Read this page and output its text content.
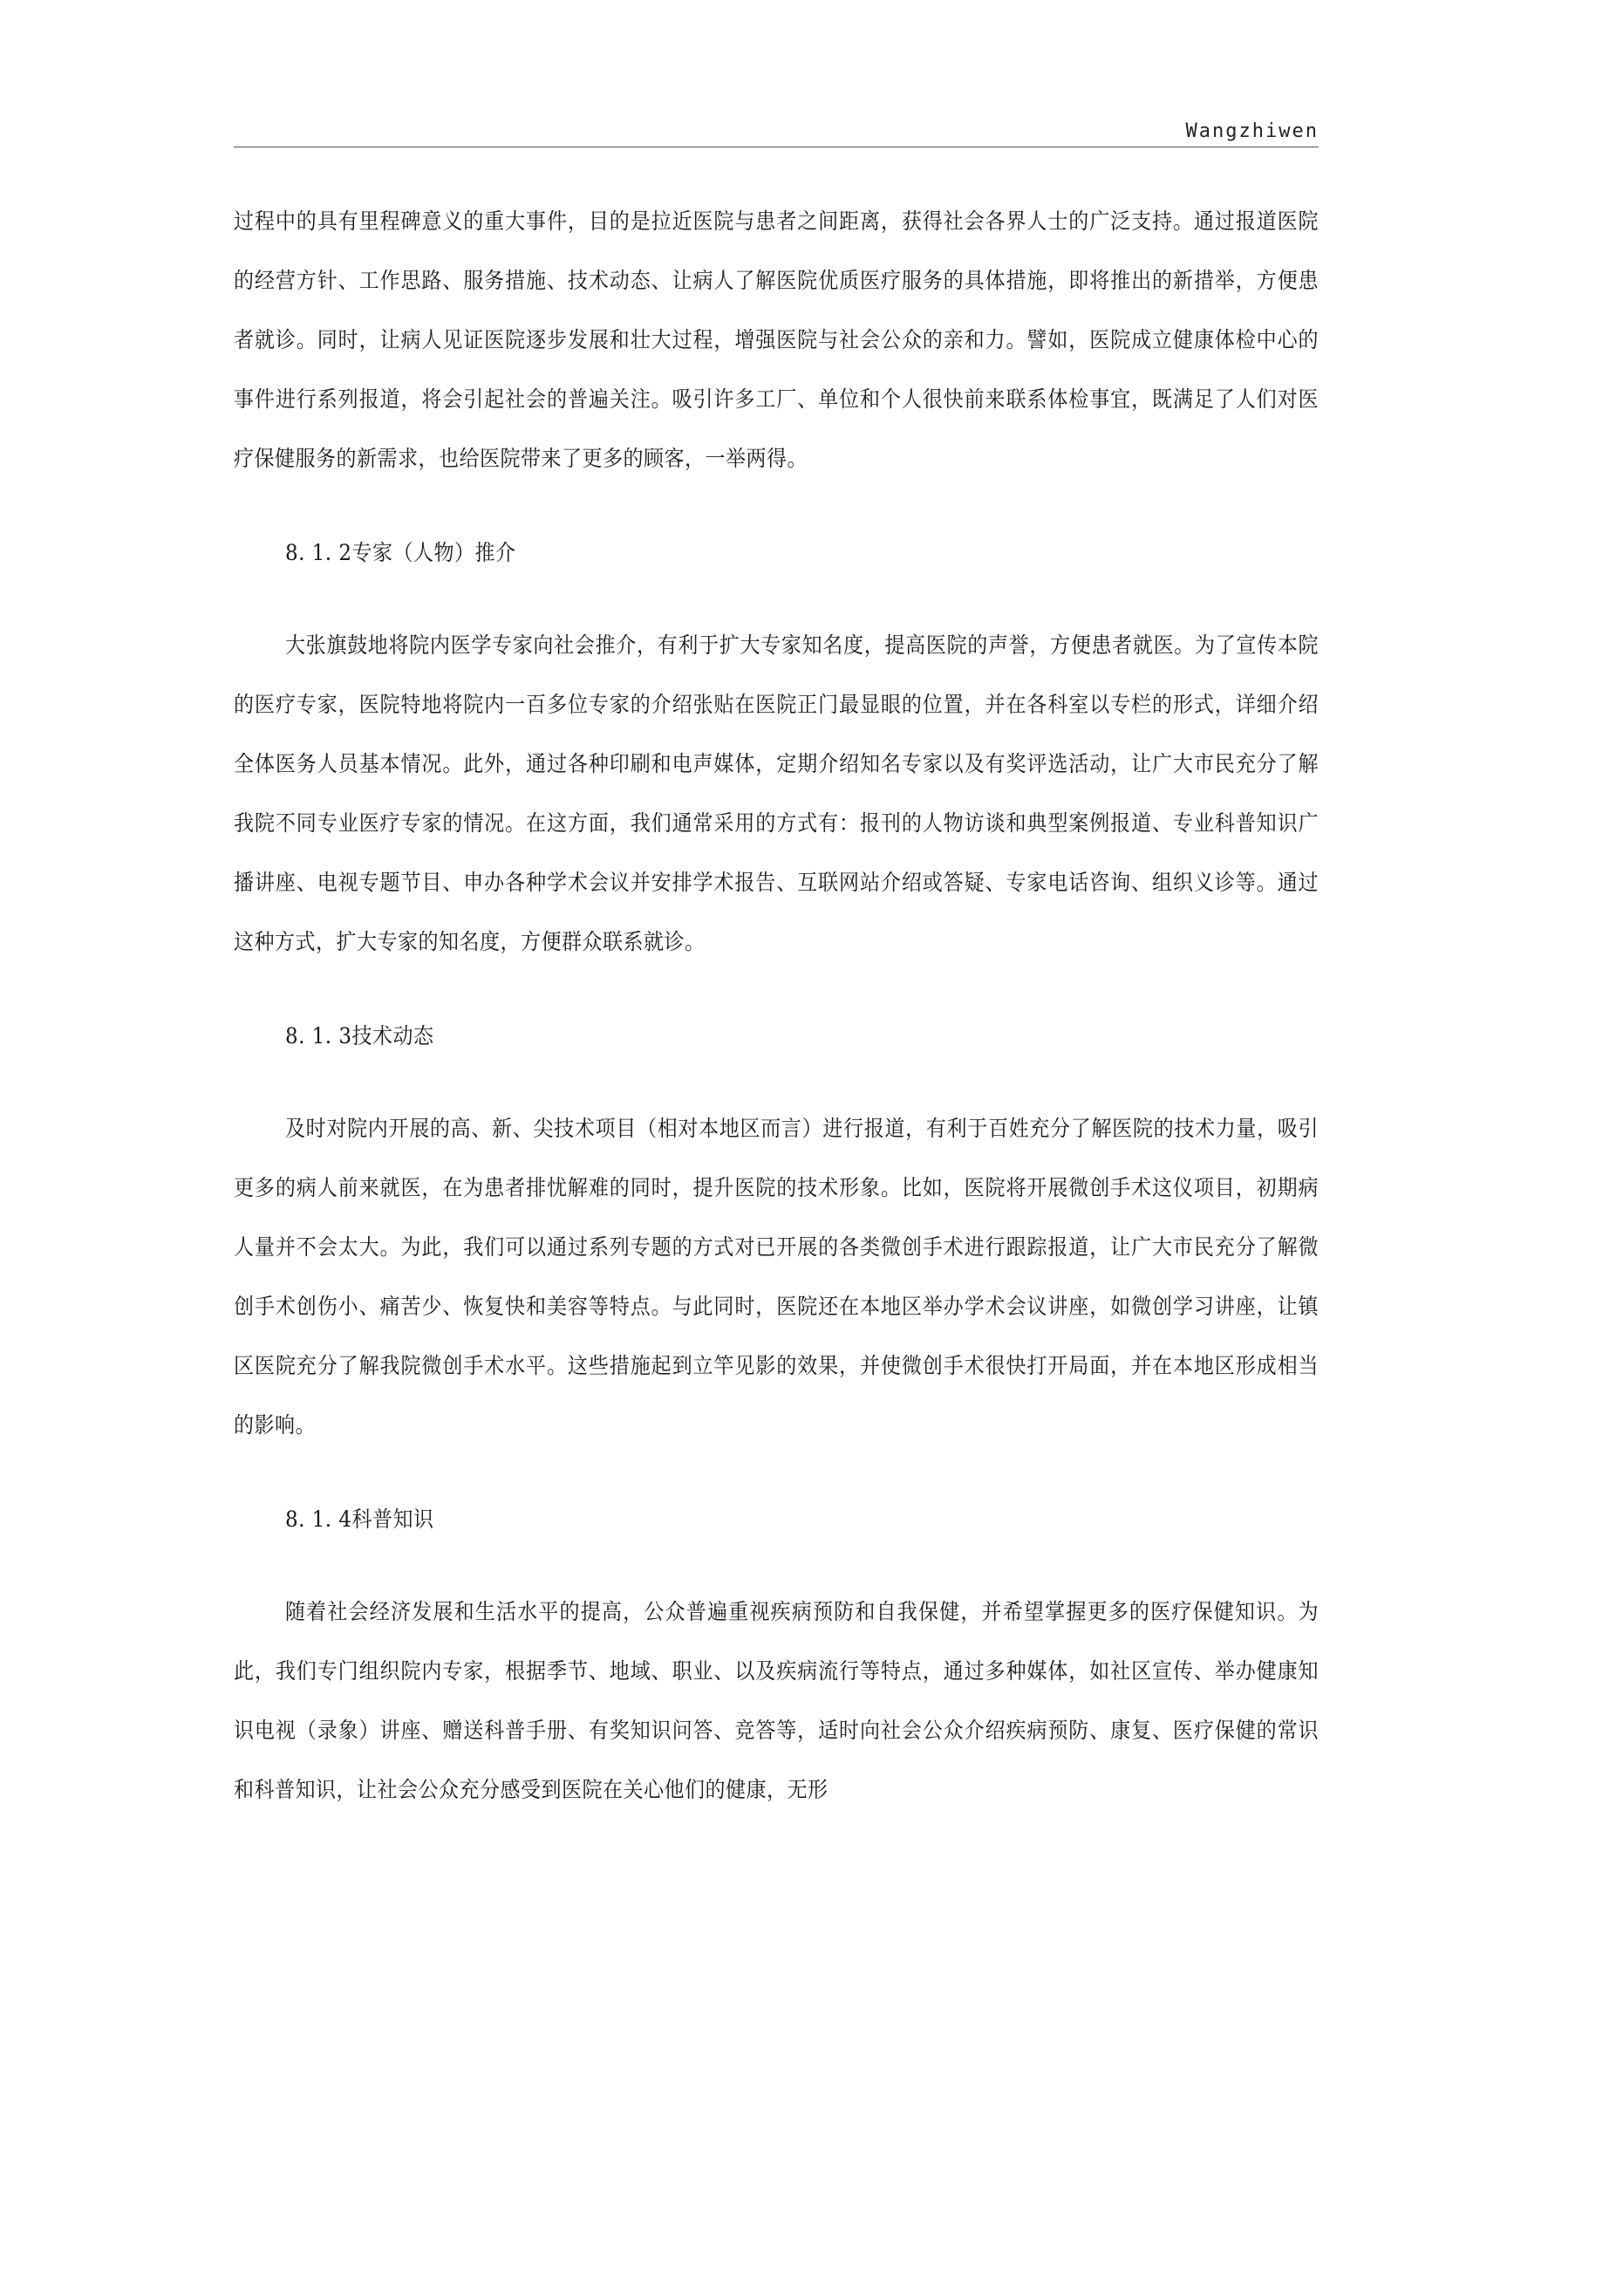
Wangzhiwen

过程中的具有里程碑意义的重大事件，目的是拉近医院与患者之间距离，获得社会各界人士的广泛支持。通过报道医院的经营方针、工作思路、服务措施、技术动态、让病人了解医院优质医疗服务的具体措施，即将推出的新措举，方便患者就诊。同时，让病人见证医院逐步发展和壮大过程，增强医院与社会公众的亲和力。譬如，医院成立健康体检中心的事件进行系列报道，将会引起社会的普遍关注。吸引许多工厂、单位和个人很快前来联系体检事宜，既满足了人们对医疗保健服务的新需求，也给医院带来了更多的顾客，一举两得。

8. 1. 2专家（人物）推介

大张旗鼓地将院内医学专家向社会推介，有利于扩大专家知名度，提高医院的声誉，方便患者就医。为了宣传本院的医疗专家，医院特地将院内一百多位专家的介绍张贴在医院正门最显眼的位置，并在各科室以专栏的形式，详细介绍全体医务人员基本情况。此外，通过各种印刷和电声媒体，定期介绍知名专家以及有奖评选活动，让广大市民充分了解我院不同专业医疗专家的情况。在这方面，我们通常采用的方式有：报刊的人物访谈和典型案例报道、专业科普知识广播讲座、电视专题节目、申办各种学术会议并安排学术报告、互联网站介绍或答疑、专家电话咨询、组织义诊等。通过这种方式，扩大专家的知名度，方便群众联系就诊。

8. 1. 3技术动态

及时对院内开展的高、新、尖技术项目（相对本地区而言）进行报道，有利于百姓充分了解医院的技术力量，吸引更多的病人前来就医，在为患者排忧解难的同时，提升医院的技术形象。比如，医院将开展微创手术这仪项目，初期病人量并不会太大。为此，我们可以通过系列专题的方式对已开展的各类微创手术进行跟踪报道，让广大市民充分了解微创手术创伤小、痛苦少、恢复快和美容等特点。与此同时，医院还在本地区举办学术会议讲座，如微创学习讲座，让镇区医院充分了解我院微创手术水平。这些措施起到立竿见影的效果，并使微创手术很快打开局面，并在本地区形成相当的影响。

8. 1. 4科普知识

随着社会经济发展和生活水平的提高，公众普遍重视疾病预防和自我保健，并希望掌握更多的医疗保健知识。为此，我们专门组织院内专家，根据季节、地域、职业、以及疾病流行等特点，通过多种媒体，如社区宣传、举办健康知识电视（录象）讲座、赠送科普手册、有奖知识问答、竞答等，适时向社会公众介绍疾病预防、康复、医疗保健的常识和科普知识，让社会公众充分感受到医院在关心他们的健康，无形
